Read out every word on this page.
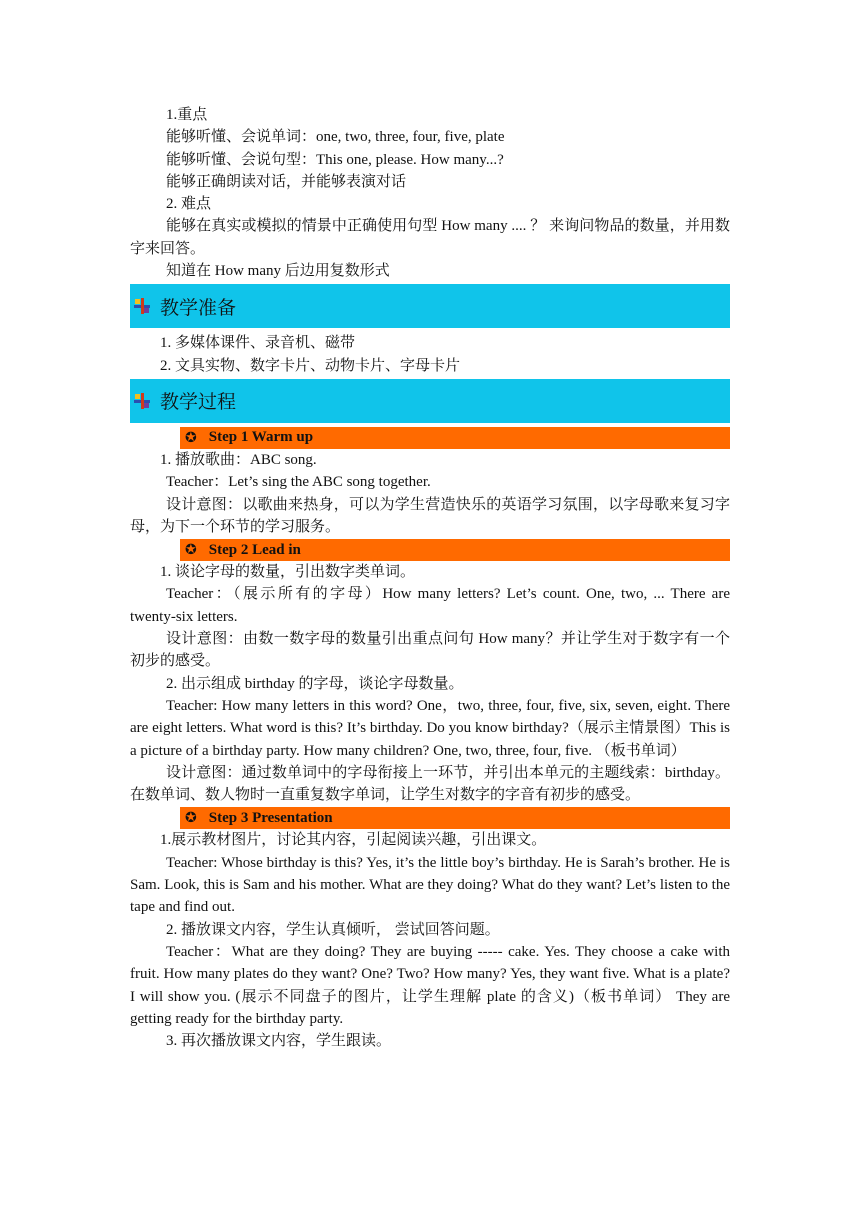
1.重点
能够听懂、会说单词：one, two, three, four, five, plate
能够听懂、会说句型：This one, please. How many...?
能够正确朗读对话，并能够表演对话
2. 难点
能够在真实或模拟的情景中正确使用句型 How many .... ？ 来询问物品的数量，并用数字来回答。
知道在 How many 后边用复数形式
教学准备
1. 多媒体课件、录音机、磁带
2. 文具实物、数字卡片、动物卡片、字母卡片
教学过程
✪ Step 1 Warm up
1. 播放歌曲：ABC song.
Teacher：Let’s sing the ABC song together.
设计意图：以歌曲来热身，可以为学生营造快乐的英语学习氛围，以字母歌来复习字母，为下一个环节的学习服务。
✪ Step 2 Lead in
1. 谈论字母的数量，引出数字类单词。
Teacher：（展示所有的字母）How many letters? Let’s count. One, two, ... There are twenty-six letters.
设计意图：由数一数字母的数量引出重点问句 How many？并让学生对于数字有一个初步的感受。
2. 出示组成 birthday 的字母，谈论字母数量。
Teacher: How many letters in this word? One，two, three, four, five, six, seven, eight. There are eight letters. What word is this? It’s birthday. Do you know birthday?（展示主情景图）This is a picture of a birthday party. How many children? One, two, three, four, five. （板书单词）
设计意图：通过数单词中的字母衔接上一环节，并引出本单元的主题线索：birthday。在数单词、数人物时一直重复数字单词，让学生对数字的字音有初步的感受。
✪ Step 3 Presentation
1.展示教材图片，讨论其内容，引起阅读兴趣，引出课文。
Teacher: Whose birthday is this? Yes, it’s the little boy’s birthday. He is Sarah’s brother. He is Sam. Look, this is Sam and his mother. What are they doing? What do they want? Let’s listen to the tape and find out.
2. 播放课文内容，学生认真倾听， 尝试回答问题。
Teacher：What are they doing? They are buying ----- cake. Yes. They choose a cake with fruit. How many plates do they want? One? Two? How many? Yes, they want five. What is a plate? I will show you. (展示不同盘子的图片，让学生理解 plate 的含义)（板书单词） They are getting ready for the birthday party.
3. 再次播放课文内容，学生跟读。
